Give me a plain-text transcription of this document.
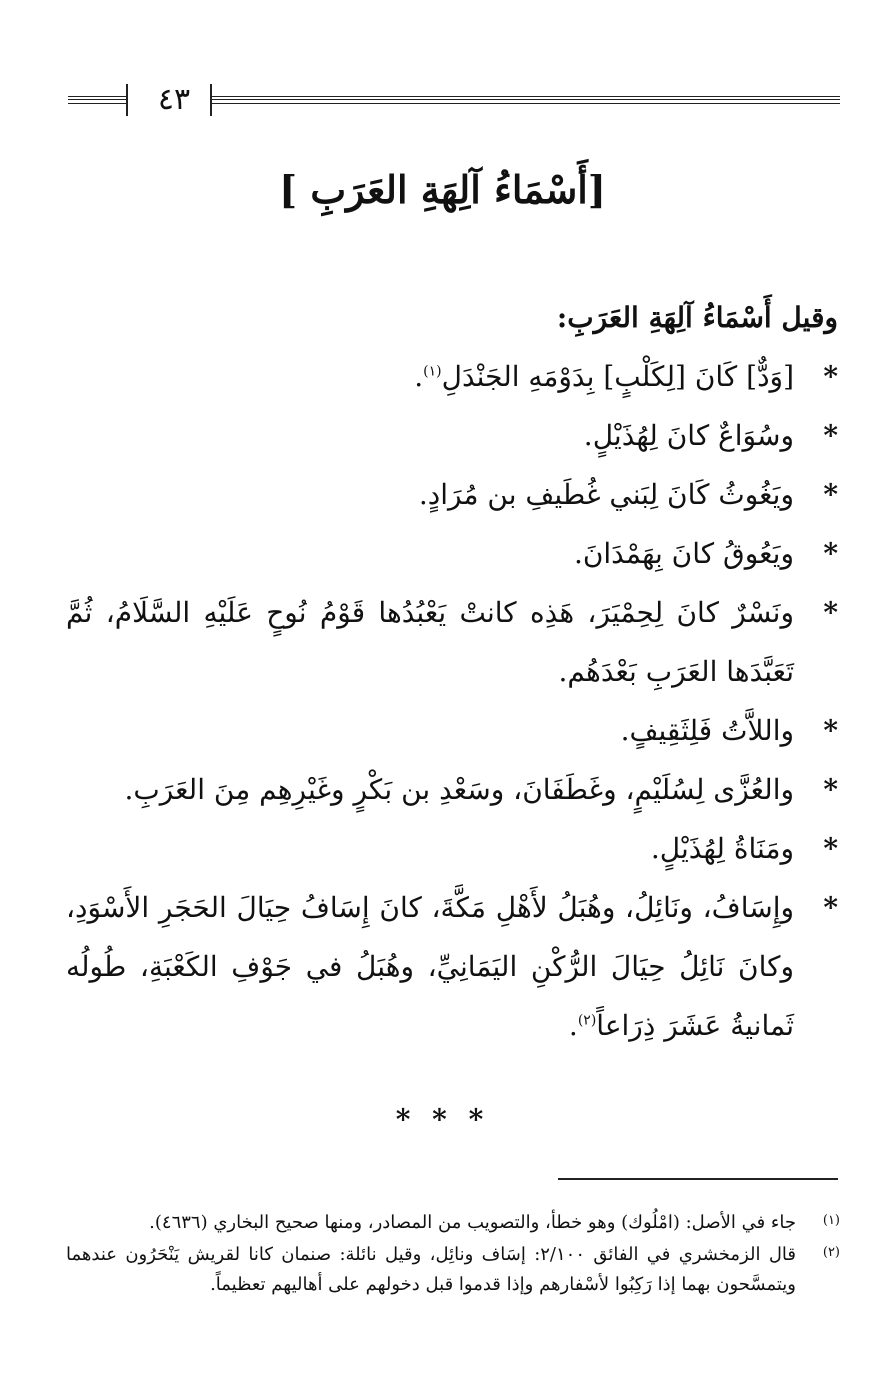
٤٣
[أَسْمَاءُ آلِهَةِ العَرَبِ ]

وقيل أَسْمَاءُ آلِهَةِ العَرَبِ:

*
[وَدٌّ] كَانَ [لِكَلْبٍ] بِدَوْمَهِ الجَنْدَلِ$^{(١)}$.
*
وسُوَاعٌ كانَ لِهُذَيْلٍ.
*
ويَغُوثُ كَانَ لِبَني غُطَيفِ بن مُرَادٍ.
*
ويَعُوقُ كانَ بِهَمْدَانَ.
*
ونَسْرٌ كانَ لِحِمْيَرَ، هَذِه كانتْ يَعْبُدُها قَوْمُ نُوحٍ عَلَيْهِ السَّلَامُ، ثُمَّ تَعَبَّدَها العَرَبِ بَعْدَهُم.
*
واللاَّتُ فَلِثَقِيفٍ.
*
والعُزَّى لِسُلَيْمٍ، وغَطَفَانَ، وسَعْدِ بن بَكْرٍ وغَيْرِهِم مِنَ العَرَبِ.
*
ومَنَاةُ لِهُذَيْلٍ.
*
وإِسَافُ، ونَائِلُ، وهُبَلُ لأَهْلِ مَكَّةَ، كانَ إِسَافُ حِيَالَ الحَجَرِ الأَسْوَدِ، وكانَ نَائِلُ حِيَالَ الرُّكْنِ اليَمَانِيِّ، وهُبَلُ في جَوْفِ الكَعْبَةِ، طُولُه ثَمانيةُ عَشَرَ ذِرَاعاً$^{(٢)}$.
* * *

(١)
جاء في الأصل: (امْلُوك) وهو خطأ، والتصويب من المصادر، ومنها صحيح البخاري (٤٦٣٦).

(٢)
قال الزمخشري في الفائق ٢/١٠٠: إسَاف ونائِل، وقيل نائلة: صنمان كانا لقريش يَنْحَرُون عندهما ويتمسَّحون بهما إذا رَكِبُوا لأسْفارهم وإذا قدموا قبل دخولهم على أهاليهم تعظيماً.
